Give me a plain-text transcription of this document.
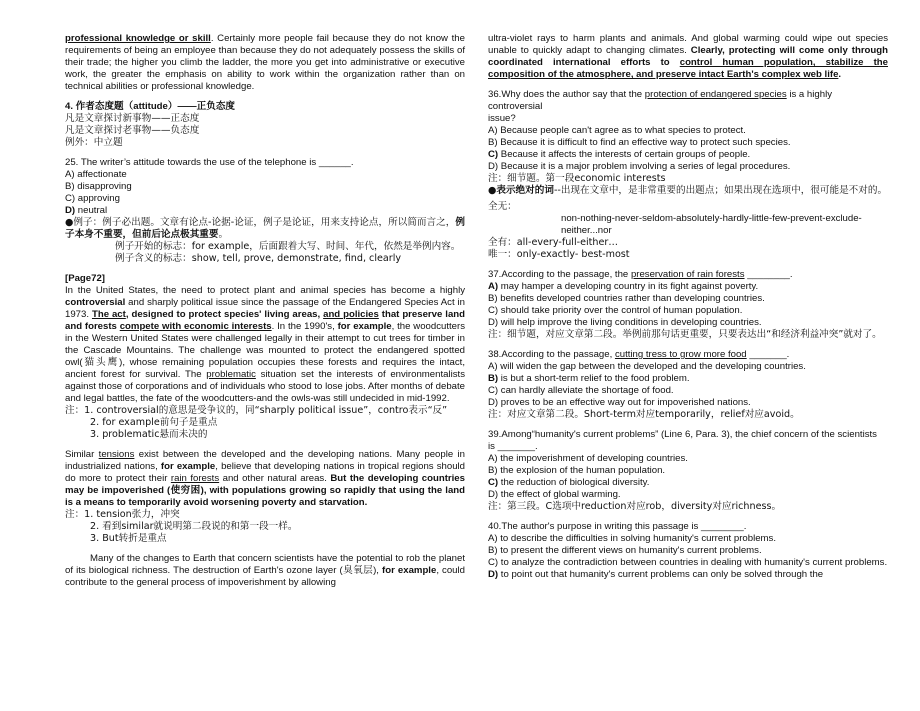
professional knowledge or skill. Certainly more people fail because they do not know the requirements of being an employee than because they do not adequately possess the skills of their trade; the higher you climb the ladder, the more you get into administrative or executive work, the greater the emphasis on ability to work within the organization rather than on technical abilities or professional knowledge.

4. 作者态度题（attitude）——正负态度

凡是文章探讨新事物——正态度

凡是文章探讨老事物——负态度

例外：中立题

25. The writer’s attitude towards the use of the telephone is ______.

A) affectionate

B) disapproving

C) approving

D) neutral

●例子：例子必出题。文章有论点-论据-论证，例子是论证，用来支持论点，所以简而言之，例子本身不重要，但前后论点极其重要。

例子开始的标志：for example，后面跟着大写、时间、年代，依然是举例内容。

例子含义的标志：show, tell, prove, demonstrate, find, clearly

[Page72]

In the United States, the need to protect plant and animal species has become a highly controversial and sharply political issue since the passage of the Endangered Species Act in 1973. The act, designed to protect species' living areas, and policies that preserve land and forests compete with economic interests. In the 1990's, for example, the woodcutters in the Western United States were challenged legally in their attempt to cut trees for timber in the Cascade Mountains. The challenge was mounted to protect the endangered spotted owl(猫头鹰), whose remaining population occupies these forests and requires the intact, ancient forest for survival. The problematic situation set the interests of environmentalists against those of corporations and of individuals who stood to lose jobs. After months of debate and legal battles, the fate of the woodcutters-and the owls-was still undecided in mid-1992.

注：1. controversial的意思是受争议的，同“sharply political issue”，contro表示“反”

2. for example前句子是重点

3. problematic悬而未决的

Similar tensions exist between the developed and the developing nations. Many people in industrialized nations, for example, believe that developing nations in tropical regions should do more to protect their rain forests and other natural areas. But the developing countries may be impoverished (使穷困), with populations growing so rapidly that using the land is a means to temporarily avoid worsening poverty and starvation.

注：1. tension张力，冲突

2. 看到similar就说明第二段说的和第一段一样。

3. But转折是重点

Many of the changes to Earth that concern scientists have the potential to rob the planet of its biological richness. The destruction of Earth's ozone layer (臭氧层), for example, could contribute to the general process of impoverishment by allowing

ultra-violet rays to harm plants and animals. And global warming could wipe out species unable to quickly adapt to changing climates. Clearly, protecting will come only through coordinated international efforts to control human population, stabilize the composition of the atmosphere, and preserve intact Earth's complex web life.

36.Why does the author say that the protection of endangered species is a highly controversial

issue?

A) Because people can't agree as to what species to protect.

B) Because it is difficult to find an effective way to protect such species.

C) Because it affects the interests of certain groups of people.

D) Because it is a major problem involving a series of legal procedures.

注：细节题。第一段economic interests

●表示绝对的词--出现在文章中，是非常重要的出题点；如果出现在选项中，很可能是不对的。

全无：

non-nothing-never-seldom-absolutely-hardly-little-few-prevent-exclude-neither...nor

全有：all-every-full-either…

唯一：only-exactly- best-most

37.According to the passage, the preservation of rain forests ________.

A) may hamper a developing country in its fight against poverty.

B) benefits developed countries rather than developing countries.

C) should take priority over the control of human population.

D) will help improve the living conditions in developing countries.

注：细节题，对应文章第二段。举例前那句话更重要，只要表达出“和经济利益冲突”就对了。

38.According to the passage, cutting tress to grow more food _______.

A) will widen the gap between the developed and the developing countries.

B) is but a short-term relief to the food problem.

C) can hardly alleviate the shortage of food.

D) proves to be an effective way out for impoverished nations.

注：对应文章第二段。Short-term对应temporarily，relief对应avoid。

39.Among“humanity's current problems” (Line 6, Para. 3), the chief concern of the scientists

is _______.

A) the impoverishment of developing countries.

B) the explosion of the human population.

C) the reduction of biological diversity.

D) the effect of global warming.

注：第三段。C选项中reduction对应rob，diversity对应richness。

40.The author's purpose in writing this passage is ________.

A) to describe the difficulties in solving humanity's current problems.

B) to present the different views on humanity's current problems.

C) to analyze the contradiction between countries in dealing with humanity's current problems.

D) to point out that humanity's current problems can only be solved through the
